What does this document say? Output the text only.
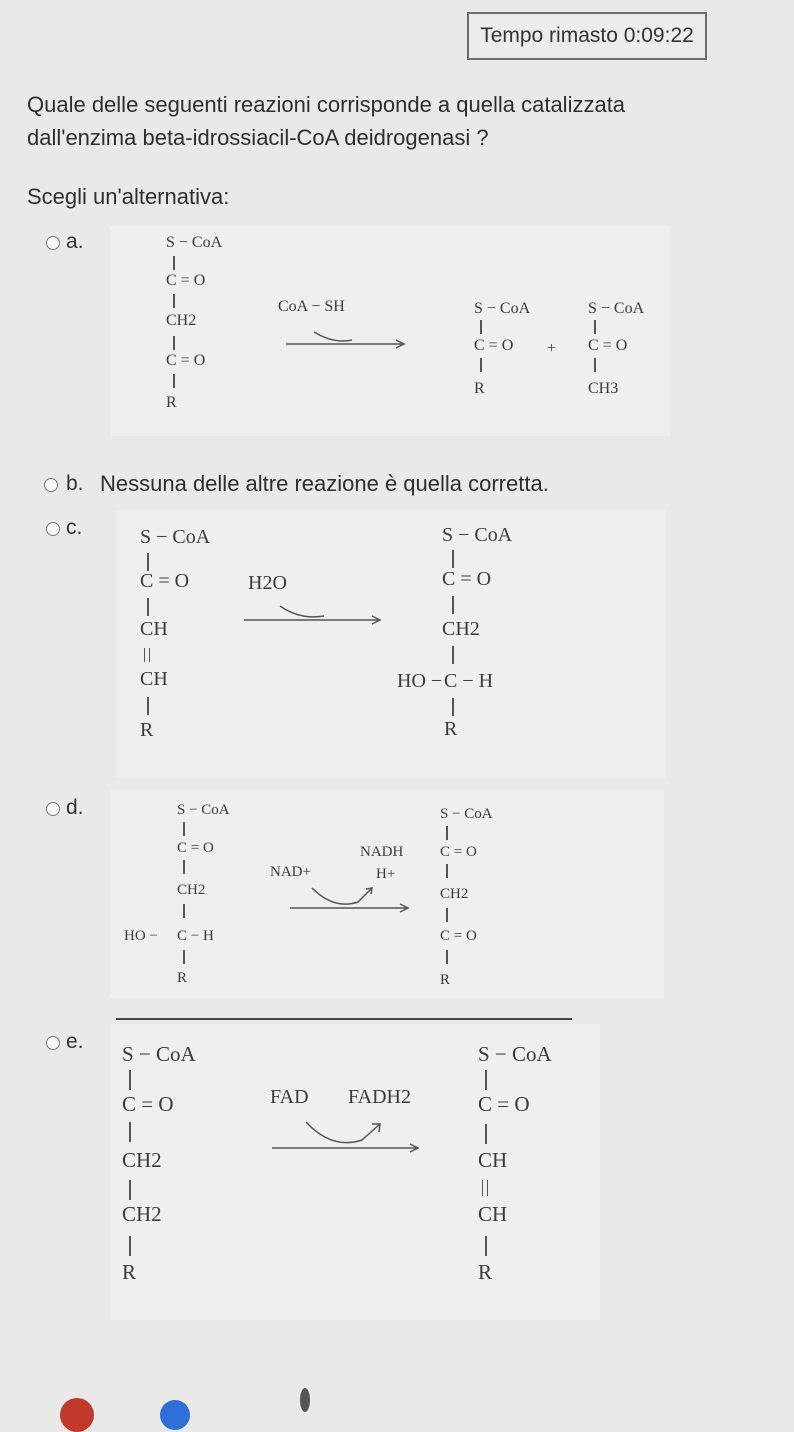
Tempo rimasto 0:09:22
Quale delle seguenti reazioni corrisponde a quella catalizzata
dall'enzima beta-idrossiacil-CoA deidrogenasi ?
Scegli un'alternativa:
a.	S − CoA
C = O
CH2
C = O
R
CoA − SH	S − CoA
C = O
R
+
S − CoA
C = O
CH3
b. Nessuna delle altre reazione è quella corretta.
c.	S − CoA
C = O
CH
CH
R
H2O
S − CoA
C = O
CH2
HO − C − H
R
d.	S − CoA
C = O
CH2
HO − C − H
R
NAD+
NADH
H+
S − CoA
C = O
CH2
C = O
R
e.
S − CoA
C = O
CH2
CH2
R
FAD FADH2
S − CoA
C = O
CH
CH
R
